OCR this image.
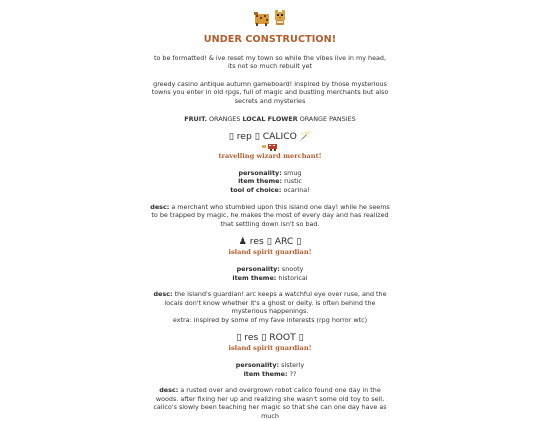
UNDER CONSTRUCTION!

to be formatted! & ive reset my town so while the vibes live in my head, its not so much rebuilt yet

greedy casino antique autumn gameboard! inspired by those mysterious towns you enter in old rpgs, full of magic and bustling merchants but also secrets and mysteries

FRUIT. ORANGES LOCAL FLOWER ORANGE PANSIES

▯ rep ▯ CALICO 🪄
travelling wizard merchant!

personality: smug

item theme: rustic

tool of choice: ocarina!

desc: a merchant who stumbled upon this island one day! while he seems to be trapped by magic, he makes the most of every day and has realized that settling down isn't so bad.

♟ res ▯ ARC ▯
island spirit guardian!

personality: snooty

item theme: historical

desc: the island's guardian! arc keeps a watchful eye over ruse, and the locals don't know whether it's a ghost or deity. is often behind the mysterious happenings.

extra: inspired by some of my fave interests (rpg horror wtc)

▯ res ▯ ROOT ▯
island spirit guardian!

personality: sisterly

item theme: ??

desc: a rusted over and overgrown robot calico found one day in the woods. after fixing her up and realizing she wasn't some old toy to sell, calico's slowly been teaching her magic so that she can one day have as much
